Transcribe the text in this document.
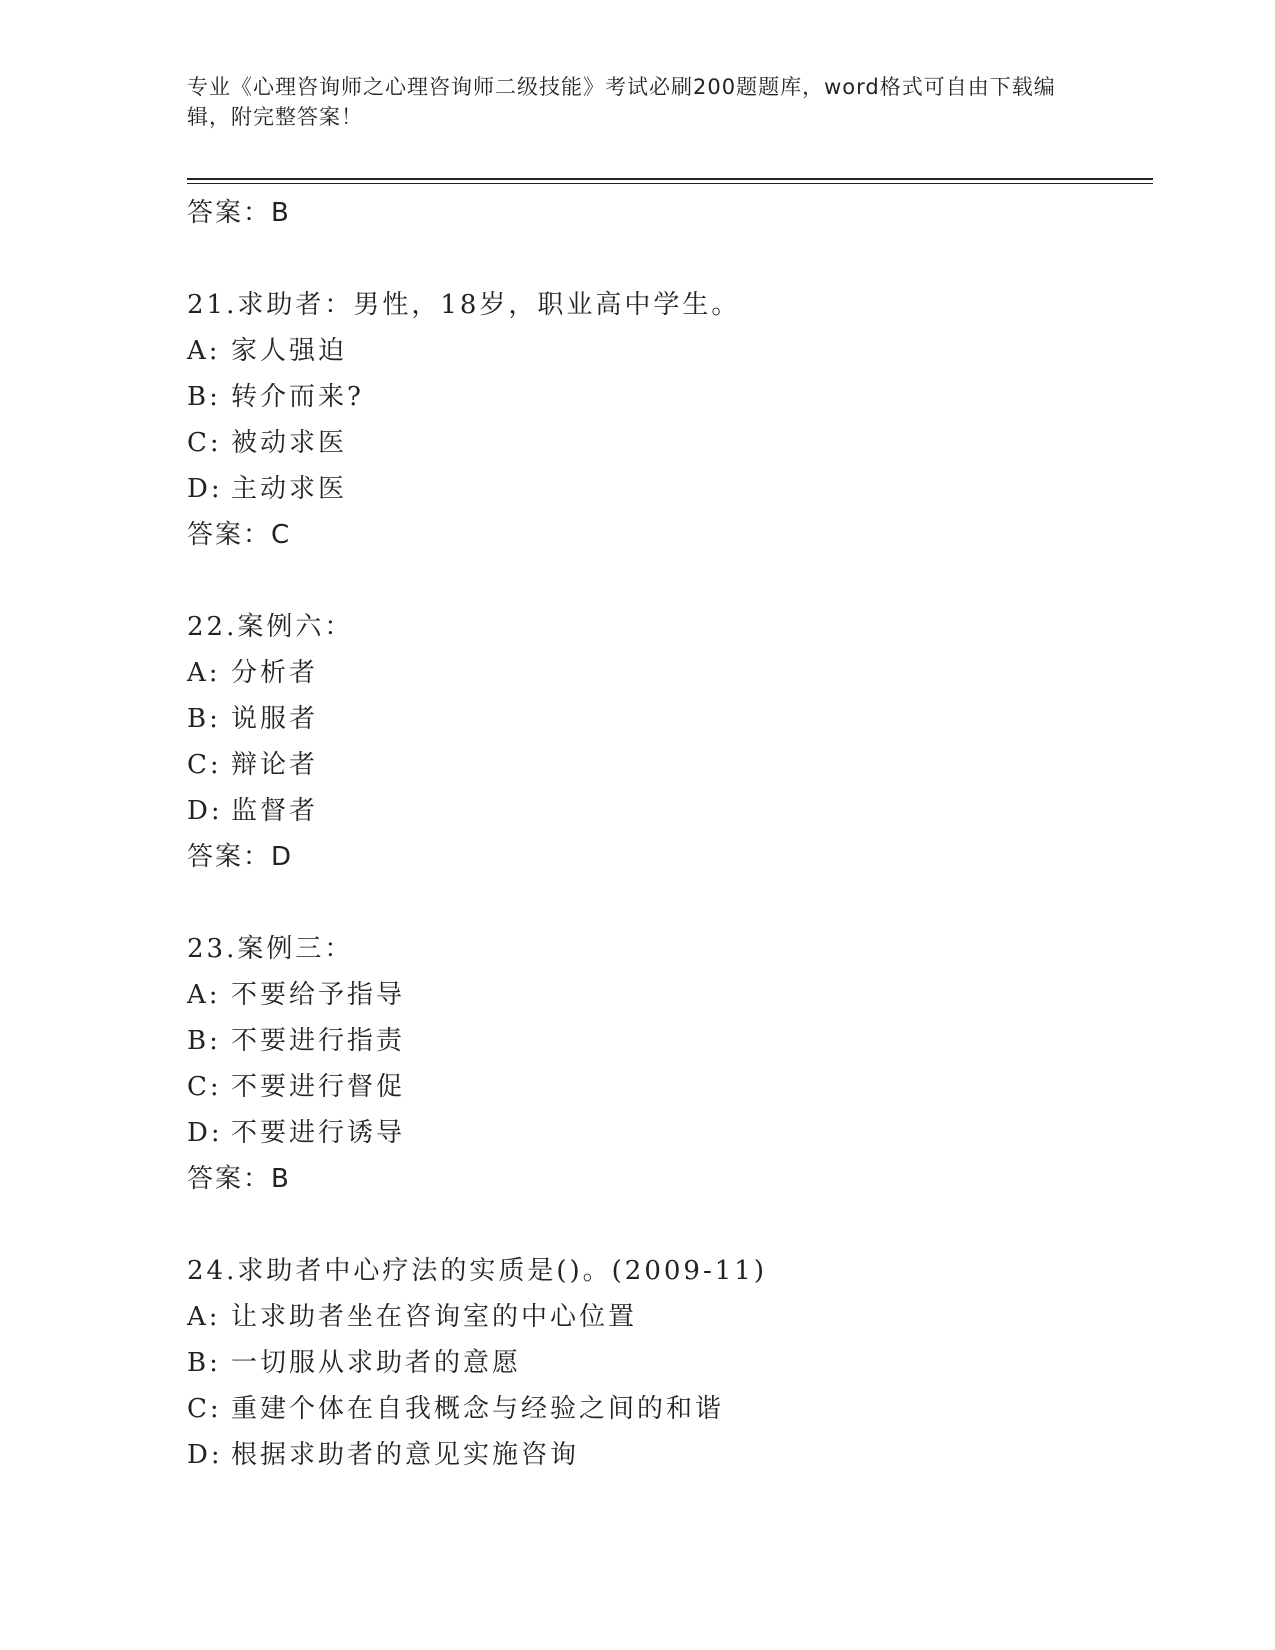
专业《心理咨询师之心理咨询师二级技能》考试必刷200题题库，word格式可自由下载编辑，附完整答案！
答案：B
21.求助者：男性，18岁，职业高中学生。
A: 家人强迫
B: 转介而来?
C: 被动求医
D: 主动求医
答案：C
22.案例六：
A: 分析者
B: 说服者
C: 辩论者
D: 监督者
答案：D
23.案例三：
A: 不要给予指导
B: 不要进行指责
C: 不要进行督促
D: 不要进行诱导
答案：B
24.求助者中心疗法的实质是()。(2009-11)
A: 让求助者坐在咨询室的中心位置
B: 一切服从求助者的意愿
C: 重建个体在自我概念与经验之间的和谐
D: 根据求助者的意见实施咨询
